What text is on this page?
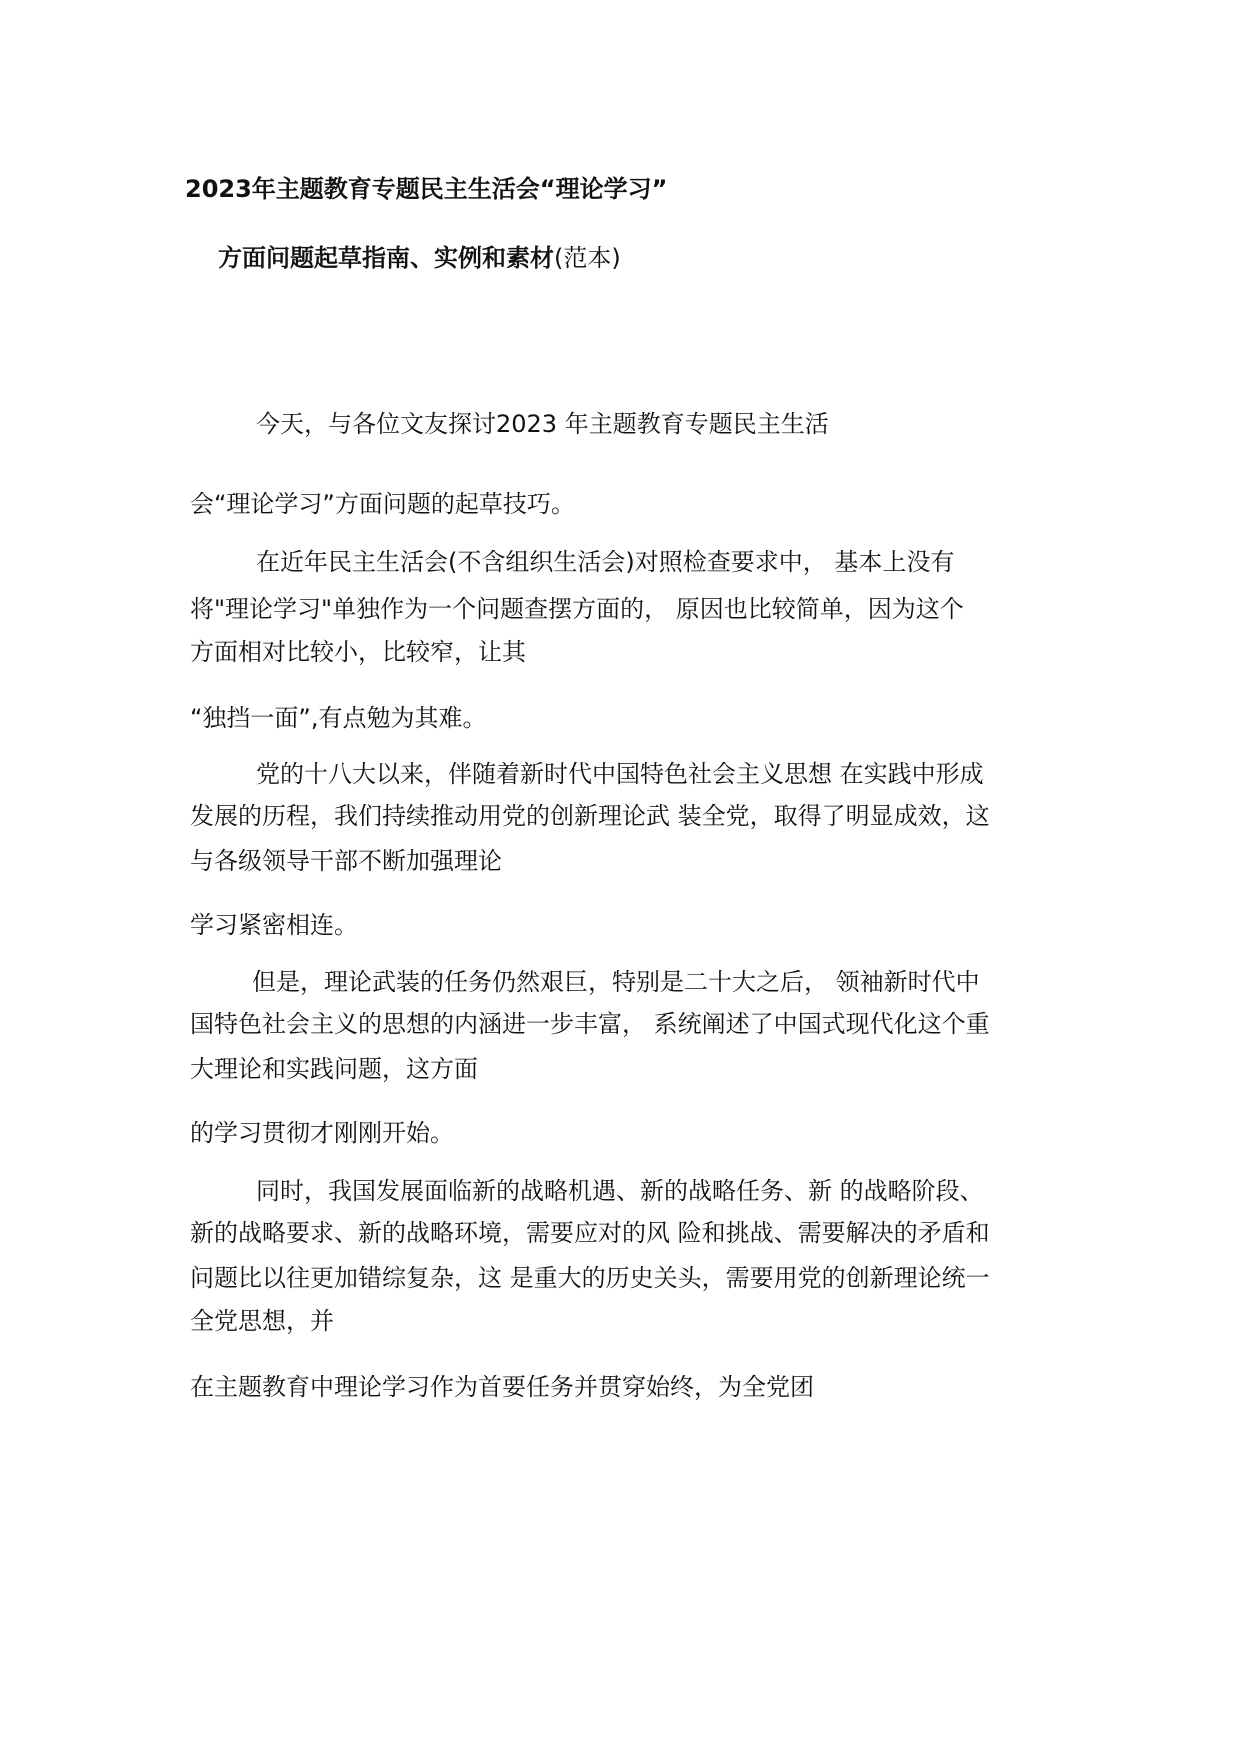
2023年主题教育专题民主生活会“理论学习”
方面问题起草指南、实例和素材(范本)
今天，与各位文友探讨2023 年主题教育专题民主生活
会“理论学习”方面问题的起草技巧。
在近年民主生活会(不含组织生活会)对照检查要求中， 基本上没有
将"理论学习"单独作为一个问题查摆方面的， 原因也比较简单，因为这个
方面相对比较小，比较窄，让其
“独挡一面”,有点勉为其难。
党的十八大以来，伴随着新时代中国特色社会主义思想 在实践中形成
发展的历程，我们持续推动用党的创新理论武 装全党，取得了明显成效，这
与各级领导干部不断加强理论
学习紧密相连。
但是，理论武装的任务仍然艰巨，特别是二十大之后， 领袖新时代中
国特色社会主义的思想的内涵进一步丰富， 系统阐述了中国式现代化这个重
大理论和实践问题，这方面
的学习贯彻才刚刚开始。
同时，我国发展面临新的战略机遇、新的战略任务、新 的战略阶段、
新的战略要求、新的战略环境，需要应对的风 险和挑战、需要解决的矛盾和
问题比以往更加错综复杂，这 是重大的历史关头，需要用党的创新理论统一
全党思想，并
在主题教育中理论学习作为首要任务并贯穿始终，为全党团
